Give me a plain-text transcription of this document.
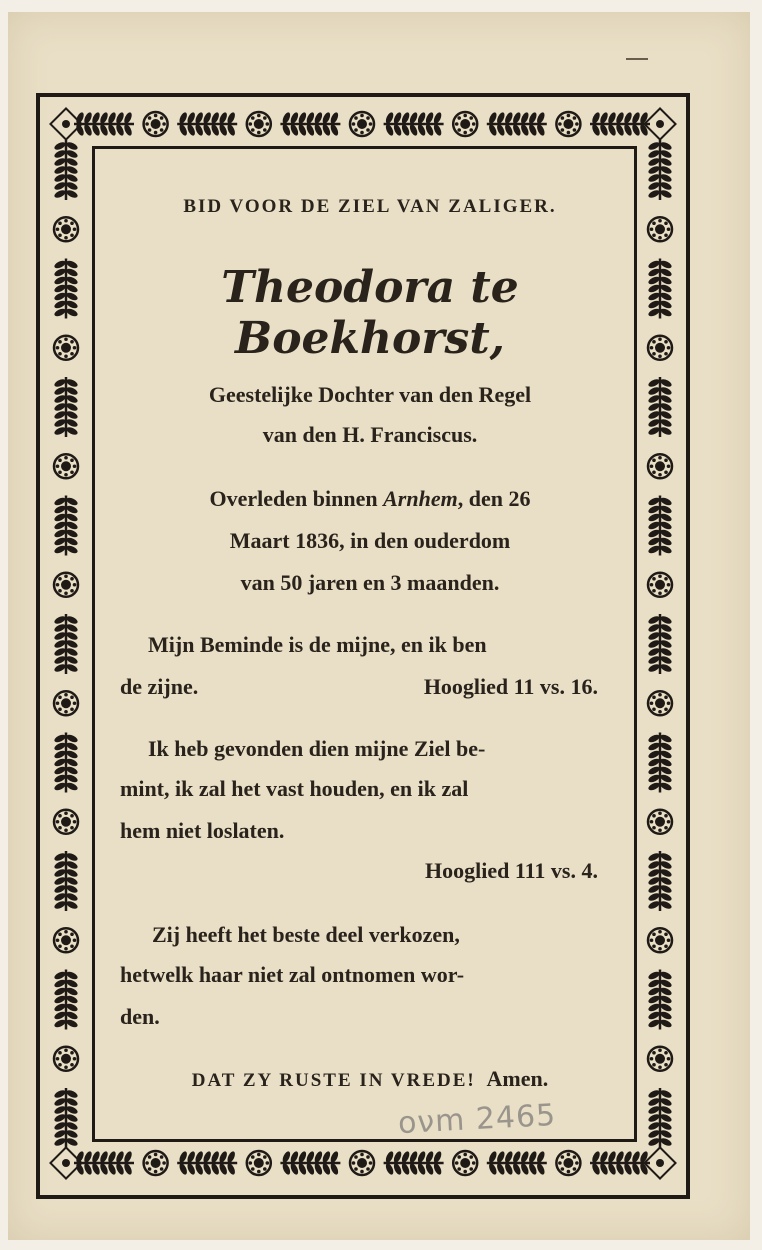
BID VOOR DE ZIEL VAN ZALIGER.
Theodora te Boekhorst,
Geestelijke Dochter van den Regel
van den H. Franciscus.
Overleden binnen Arnhem, den 26
Maart 1836, in den ouderdom
van 50 jaren en 3 maanden.
Mijn Beminde is de mijne, en ik ben
de zijne.	Hooglied 11 vs. 16.
Ik heb gevonden dien mijne Ziel be-
mint, ik zal het vast houden, en ik zal
hem niet loslaten.
Hooglied 111 vs. 4.
Zij heeft het beste deel verkozen,
hetwelk haar niet zal ontnomen wor-
den.
DAT ZY RUSTE IN VREDE! Amen.
ονm 2465
